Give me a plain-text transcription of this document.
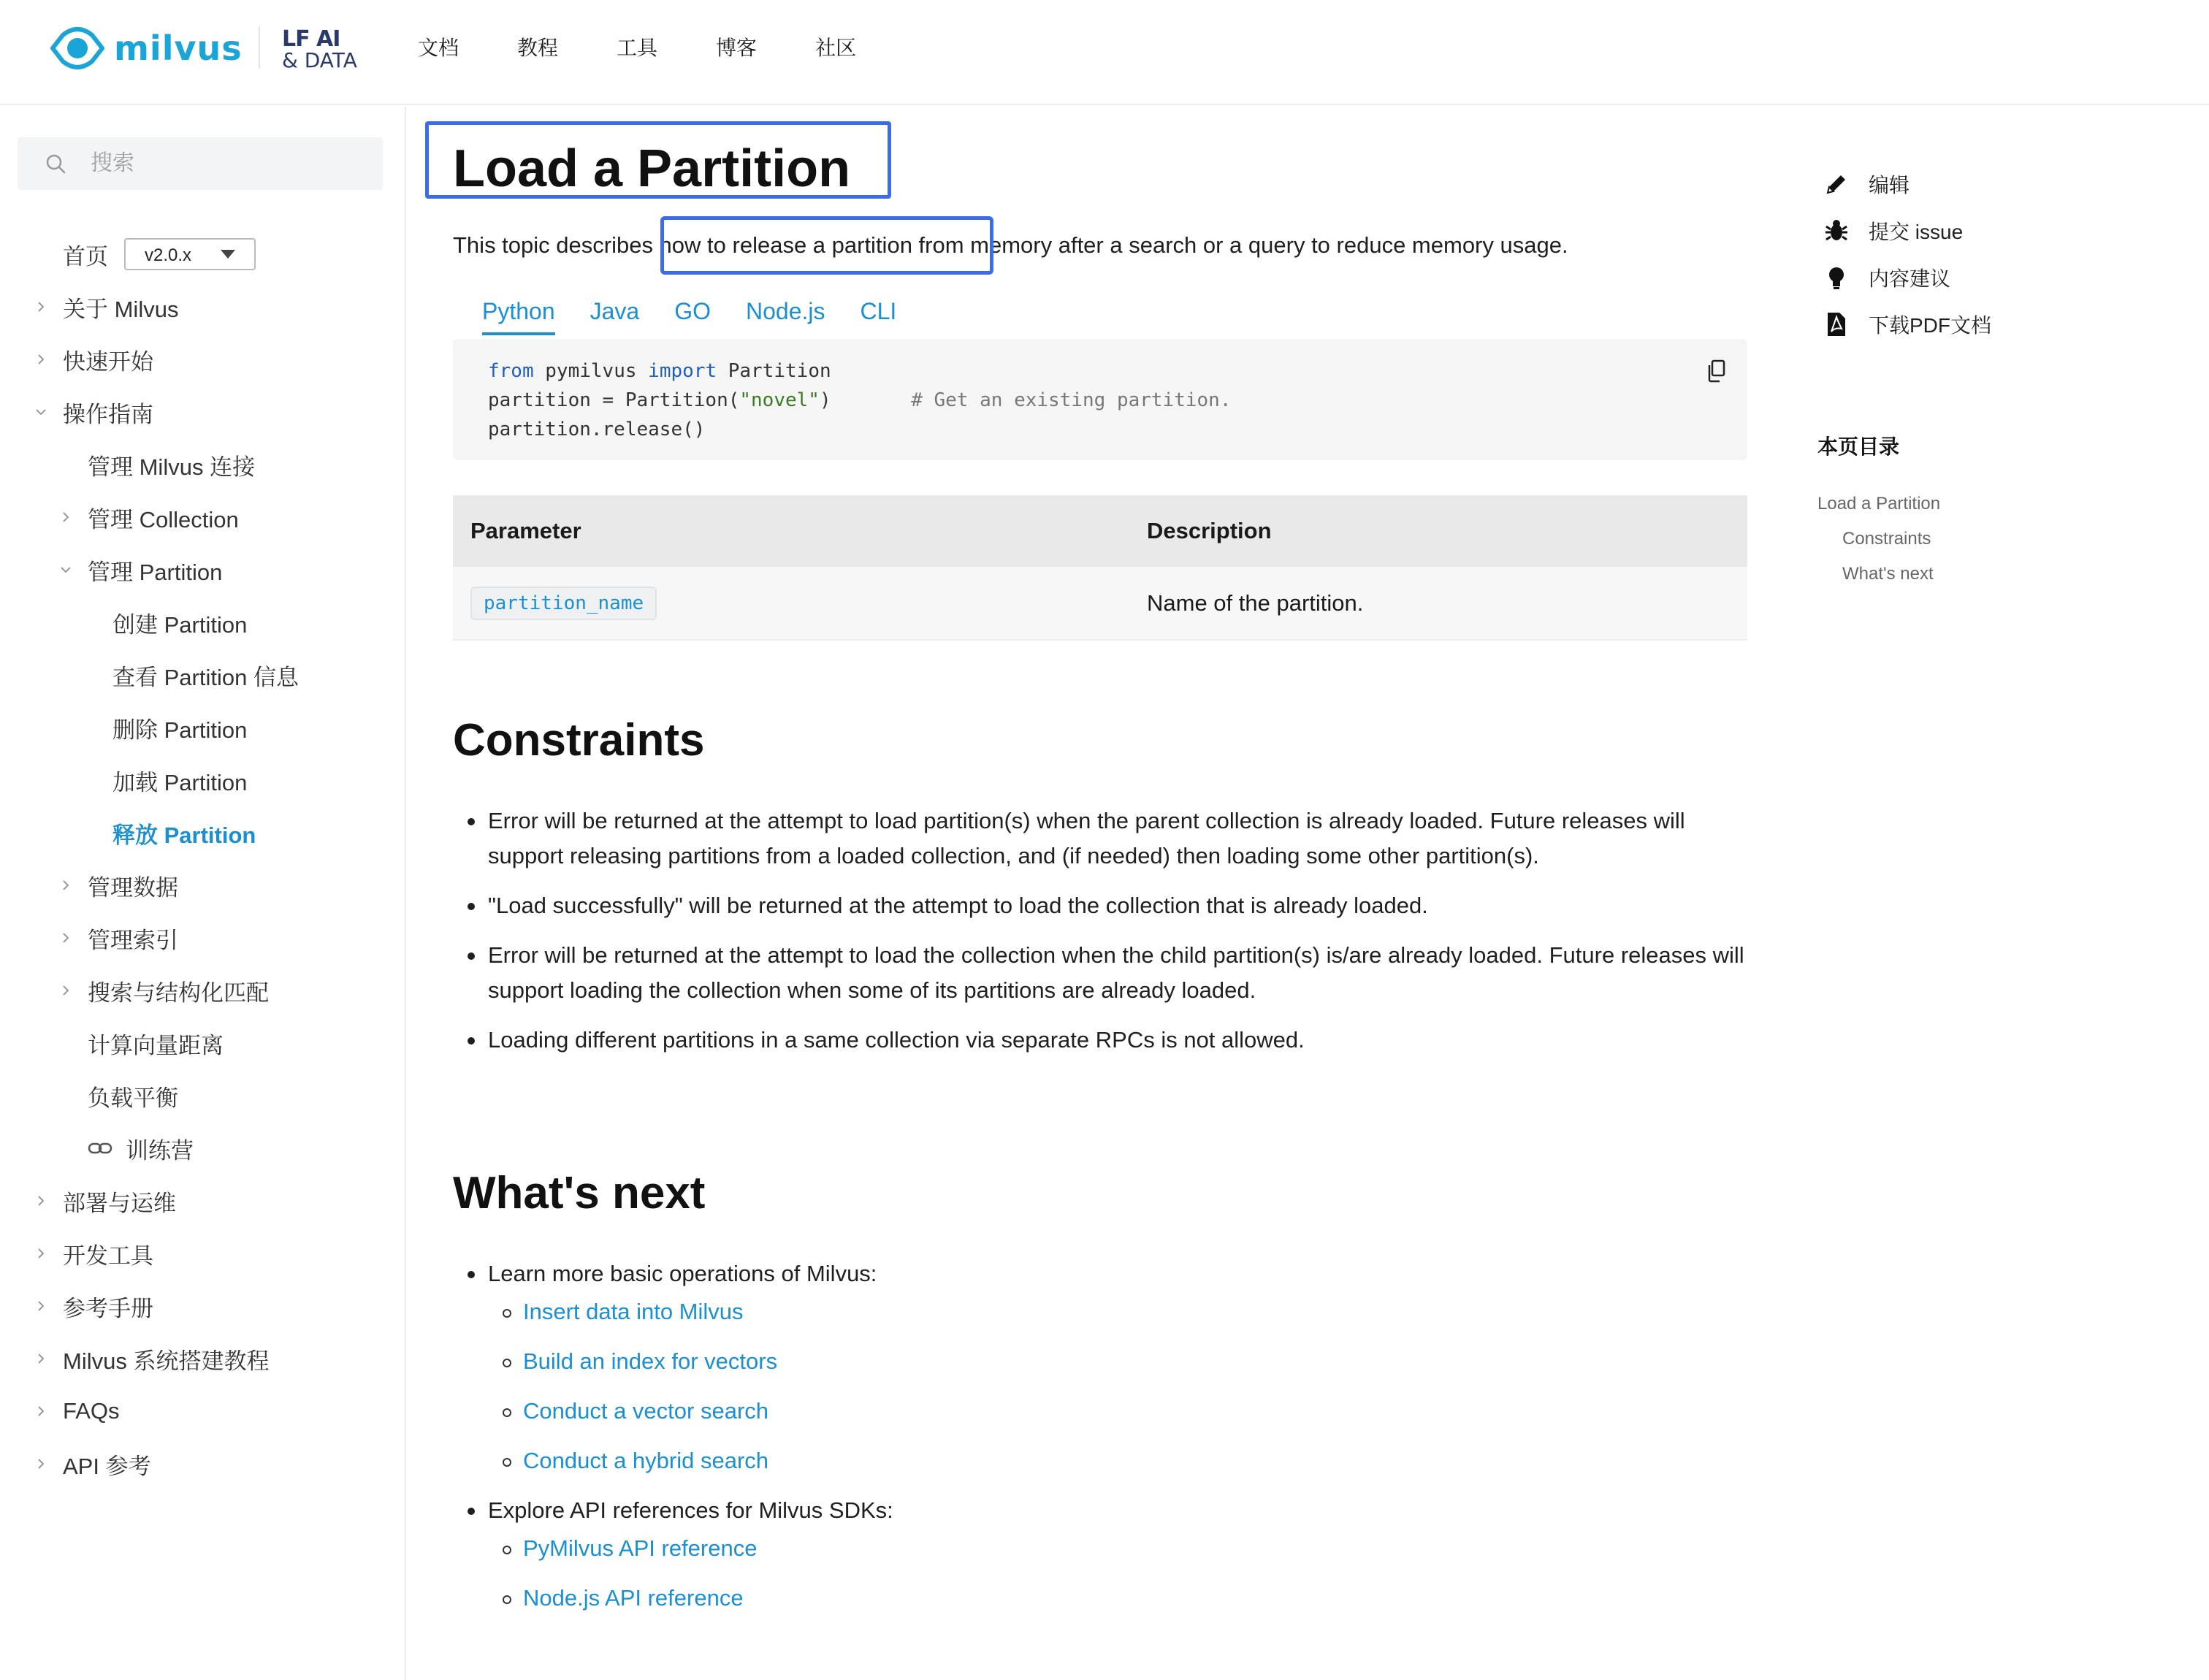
milvus LF AI
& DATA
文档	教程	工具	博客	社区
搜索
首页 v2.0.x
关于 Milvus
快速开始
操作指南
管理 Milvus 连接
管理 Collection
管理 Partition
创建 Partition
查看 Partition 信息
删除 Partition
加载 Partition
释放 Partition
管理数据
管理索引
搜索与结构化匹配
计算向量距离
负载平衡
训练营
部署与运维
开发工具
参考手册
Milvus 系统搭建教程
FAQs
API 参考
Load a Partition

This topic describes how to release a partition from memory after a search or a query to reduce memory usage.

Python Java GO Node.js CLI
from pymilvus import Partition
partition = Partition("novel")	# Get an existing partition.
partition.release()
Parameter	Description
partition_name	Name of the partition.
Constraints
Error will be returned at the attempt to load partition(s) when the parent collection is already loaded. Future releases will support releasing partitions from a loaded collection, and (if needed) then loading some other partition(s).
"Load successfully" will be returned at the attempt to load the collection that is already loaded.
Error will be returned at the attempt to load the collection when the child partition(s) is/are already loaded. Future releases will support loading the collection when some of its partitions are already loaded.
Loading different partitions in a same collection via separate RPCs is not allowed.
What's next
Learn more basic operations of Milvus:
Insert data into Milvus
Build an index for vectors
Conduct a vector search
Conduct a hybrid search
Explore API references for Milvus SDKs:
PyMilvus API reference
Node.js API reference
编辑
提交 issue
内容建议
下载PDF文档
本页目录
Load a Partition
Constraints
What's next
